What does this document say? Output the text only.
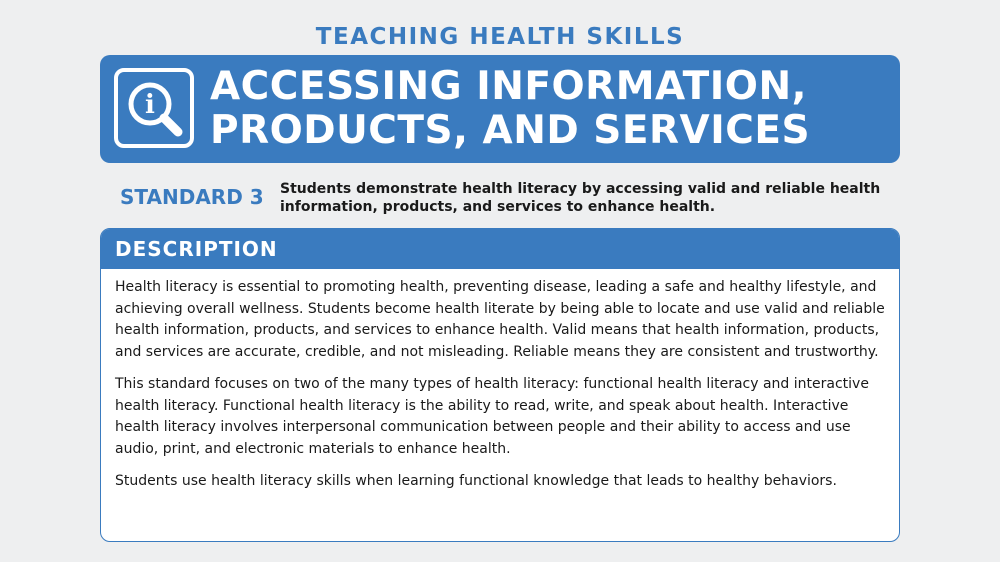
TEACHING HEALTH SKILLS
i ACCESSING INFORMATION,
PRODUCTS, AND SERVICES
STANDARD 3 Students demonstrate health literacy by accessing valid and reliable health information, products, and services to enhance health.
DESCRIPTION

Health literacy is essential to promoting health, preventing disease, leading a safe and healthy lifestyle, and achieving overall wellness. Students become health literate by being able to locate and use valid and reliable health information, products, and services to enhance health. Valid means that health information, products, and services are accurate, credible, and not misleading. Reliable means they are consistent and trustworthy.

This standard focuses on two of the many types of health literacy: functional health literacy and interactive health literacy. Functional health literacy is the ability to read, write, and speak about health. Interactive health literacy involves interpersonal communication between people and their ability to access and use audio, print, and electronic materials to enhance health.

Students use health literacy skills when learning functional knowledge that leads to healthy behaviors.
